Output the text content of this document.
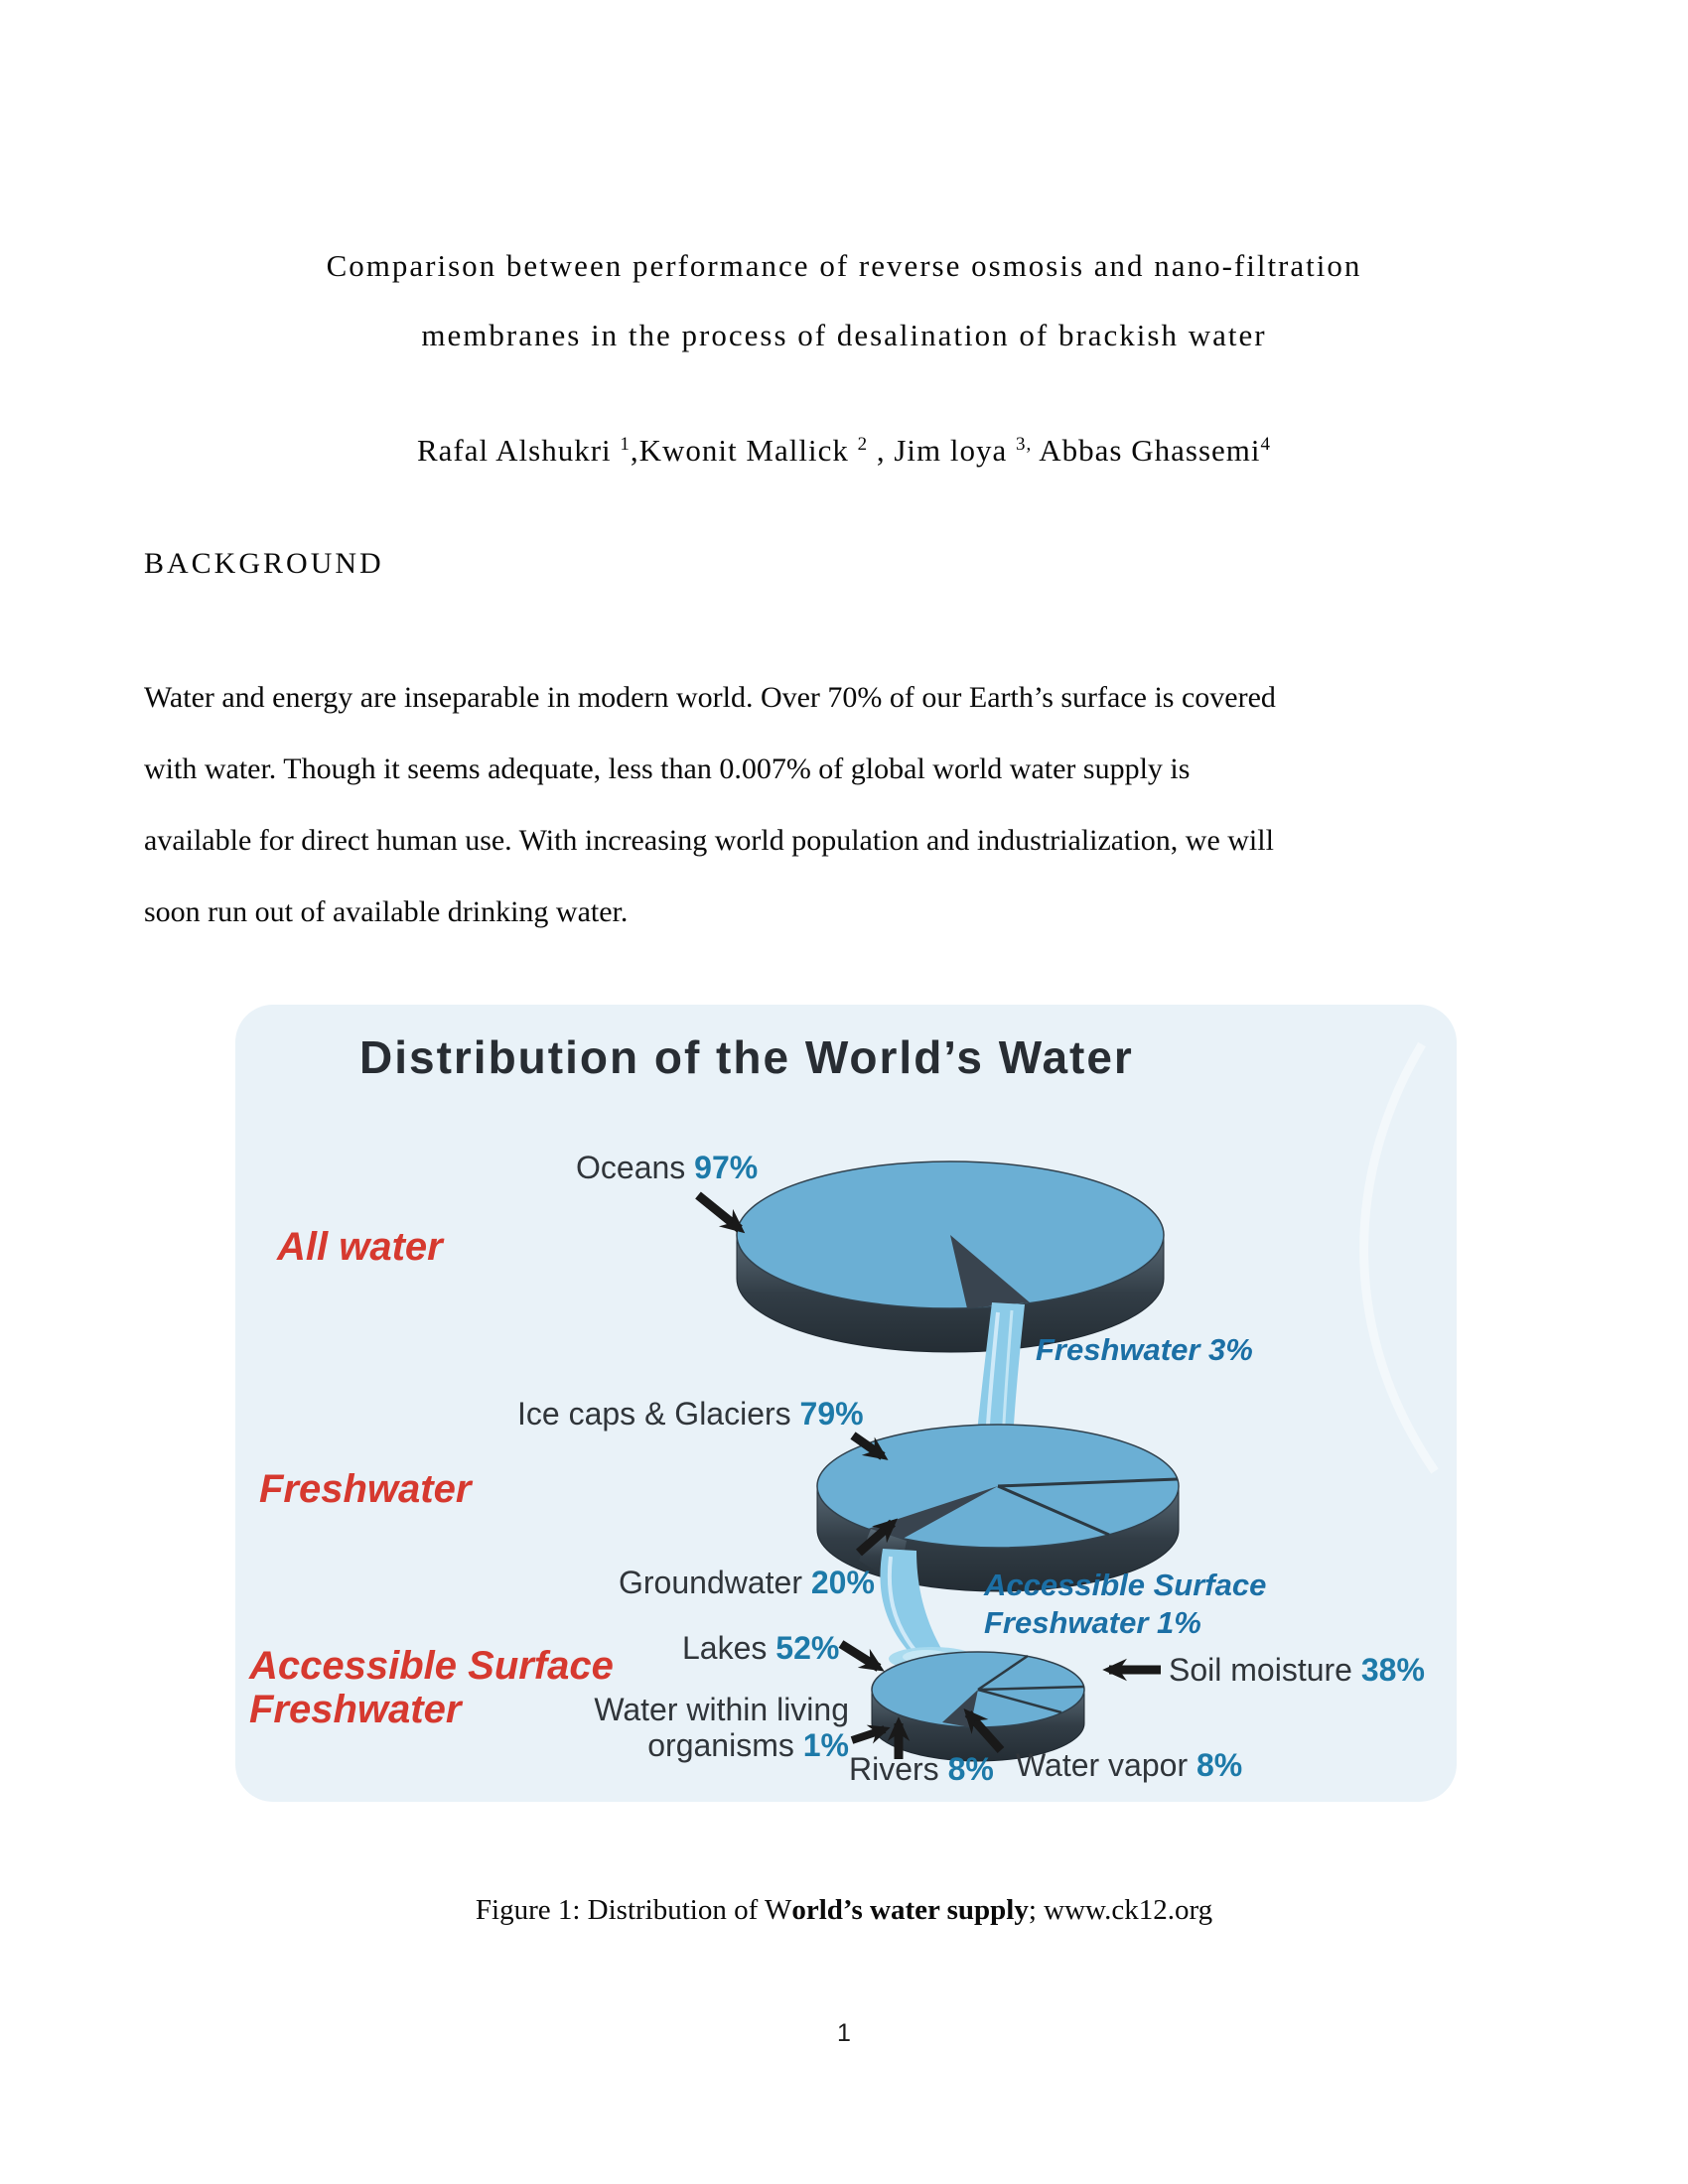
Comparison between performance of reverse osmosis and nano-filtration
membranes in the process of desalination of brackish water
Rafal Alshukri $^1$,Kwonit Mallick $^2$ , Jim loya $^{3,}$ Abbas Ghassemi$^4$
BACKGROUND
Water and energy are inseparable in modern world. Over 70% of our Earth’s surface is covered
with water. Though it seems adequate, less than 0.007% of global world water supply is
available for direct human use. With increasing world population and industrialization, we will
soon run out of available drinking water.
Distribution of the World’s Water
Oceans 97%
All water
Freshwater 3%
Ice caps & Glaciers 79%
Freshwater
Groundwater 20%	Accessible Surface
Freshwater 1%
Lakes 52%
Accessible Surface
Freshwater
Soil moisture 38%
Water within living
organisms 1%
Rivers 8% Water vapor 8%
Figure 1: Distribution of World’s water supply; www.ck12.org
1
